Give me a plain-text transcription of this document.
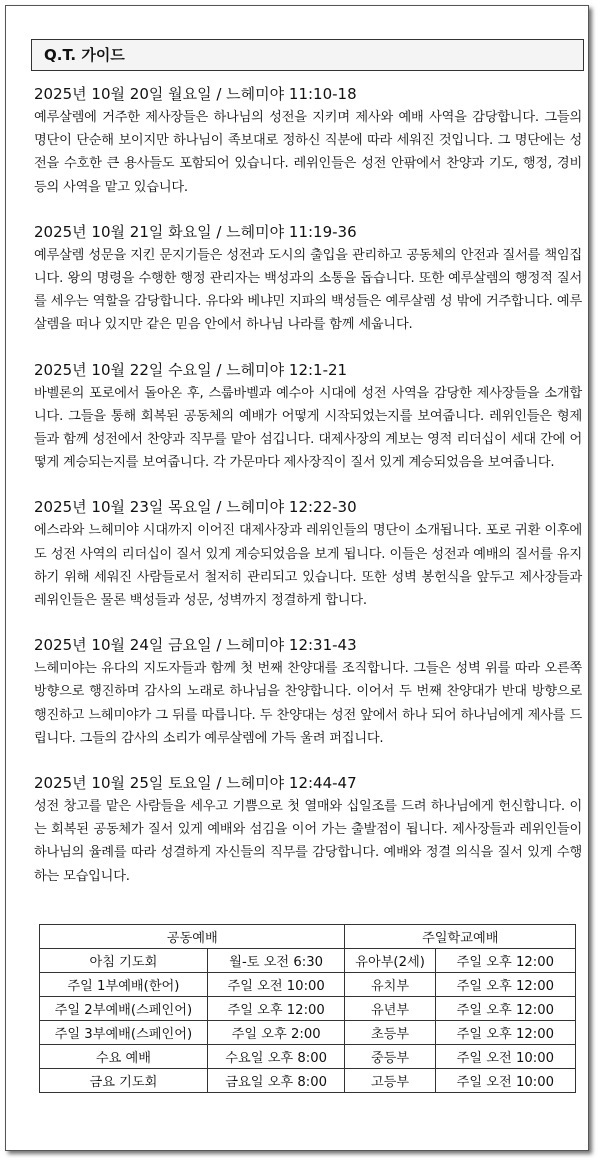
Q.T. 가이드
2025년 10월 20일 월요일 / 느헤미야 11:10-18
예루살렘에 거주한 제사장들은 하나님의 성전을 지키며 제사와 예배 사역을 감당합니다. 그들의 명단이 단순해 보이지만 하나님이 족보대로 정하신 직분에 따라 세워진 것입니다. 그 명단에는 성전을 수호한 큰 용사들도 포함되어 있습니다. 레위인들은 성전 안팎에서 찬양과 기도, 행정, 경비 등의 사역을 맡고 있습니다.
2025년 10월 21일 화요일 / 느헤미야 11:19-36
예루살렘 성문을 지킨 문지기들은 성전과 도시의 출입을 관리하고 공동체의 안전과 질서를 책임집니다. 왕의 명령을 수행한 행정 관리자는 백성과의 소통을 돕습니다. 또한 예루살렘의 행정적 질서를 세우는 역할을 감당합니다. 유다와 베냐민 지파의 백성들은 예루살렘 성 밖에 거주합니다. 예루살렘을 떠나 있지만 같은 믿음 안에서 하나님 나라를 함께 세웁니다.
2025년 10월 22일 수요일 / 느헤미야 12:1-21
바벨론의 포로에서 돌아온 후, 스룹바벨과 예수아 시대에 성전 사역을 감당한 제사장들을 소개합니다. 그들을 통해 회복된 공동체의 예배가 어떻게 시작되었는지를 보여줍니다. 레위인들은 형제들과 함께 성전에서 찬양과 직무를 맡아 섬깁니다. 대제사장의 계보는 영적 리더십이 세대 간에 어떻게 계승되는지를 보여줍니다. 각 가문마다 제사장직이 질서 있게 계승되었음을 보여줍니다.
2025년 10월 23일 목요일 / 느헤미야 12:22-30
에스라와 느헤미야 시대까지 이어진 대제사장과 레위인들의 명단이 소개됩니다. 포로 귀환 이후에도 성전 사역의 리더십이 질서 있게 계승되었음을 보게 됩니다. 이들은 성전과 예배의 질서를 유지하기 위해 세워진 사람들로서 철저히 관리되고 있습니다. 또한 성벽 봉헌식을 앞두고 제사장들과 레위인들은 물론 백성들과 성문, 성벽까지 정결하게 합니다.
2025년 10월 24일 금요일 / 느헤미야 12:31-43
느헤미야는 유다의 지도자들과 함께 첫 번째 찬양대를 조직합니다. 그들은 성벽 위를 따라 오른쪽 방향으로 행진하며 감사의 노래로 하나님을 찬양합니다. 이어서 두 번째 찬양대가 반대 방향으로 행진하고 느헤미야가 그 뒤를 따릅니다. 두 찬양대는 성전 앞에서 하나 되어 하나님에게 제사를 드립니다. 그들의 감사의 소리가 예루살렘에 가득 울려 퍼집니다.
2025년 10월 25일 토요일 / 느헤미야 12:44-47
성전 창고를 맡은 사람들을 세우고 기쁨으로 첫 열매와 십일조를 드려 하나님에게 헌신합니다. 이는 회복된 공동체가 질서 있게 예배와 섬김을 이어 가는 출발점이 됩니다. 제사장들과 레위인들이 하나님의 율례를 따라 성결하게 자신들의 직무를 감당합니다. 예배와 정결 의식을 질서 있게 수행하는 모습입니다.
공동예배		주일학교예배	
아침 기도회	월-토 오전 6:30	유아부(2세)	주일 오후 12:00
주일 1부예배(한어)	주일 오전 10:00	유치부	주일 오후 12:00
주일 2부예배(스페인어)	주일 오후 12:00	유년부	주일 오후 12:00
주일 3부예배(스페인어)	주일 오후 2:00	초등부	주일 오후 12:00
수요 예배	수요일 오후 8:00	중등부	주일 오전 10:00
금요 기도회	금요일 오후 8:00	고등부	주일 오전 10:00
